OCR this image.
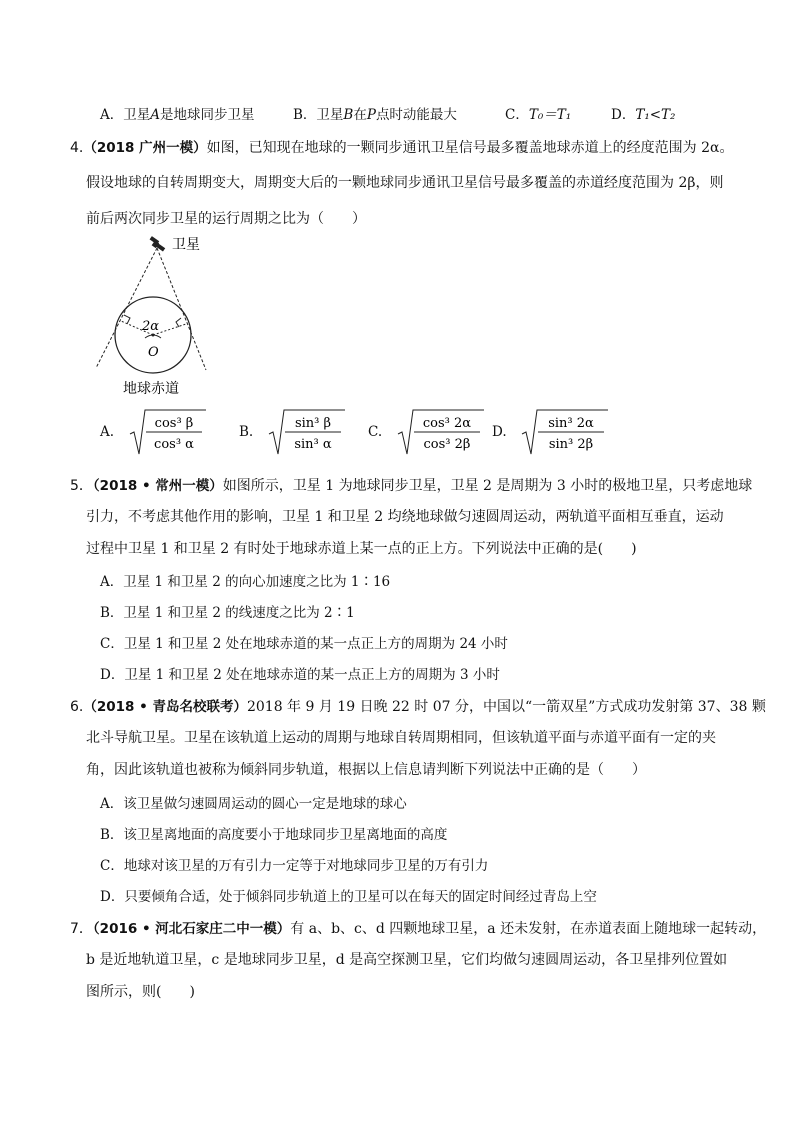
A．卫星A是地球同步卫星	B．卫星B在P点时动能最大	C．T₀＝T₁	D．T₁<T₂
4.（2018 广州一模）如图，已知现在地球的一颗同步通讯卫星信号最多覆盖地球赤道上的经度范围为 2α。
假设地球的自转周期变大，周期变大后的一颗地球同步通讯卫星信号最多覆盖的赤道经度范围为 2β，则
前后两次同步卫星的运行周期之比为（　　）
卫星
2α
O
地球赤道
A.
cos³ β
cos³ α
B.
sin³ β
sin³ α
C.
cos³ 2α
cos³ 2β
D.
sin³ 2α
sin³ 2β
5．（2018 • 常州一模）如图所示，卫星 1 为地球同步卫星，卫星 2 是周期为 3 小时的极地卫星，只考虑地球
引力，不考虑其他作用的影响，卫星 1 和卫星 2 均绕地球做匀速圆周运动，两轨道平面相互垂直，运动
过程中卫星 1 和卫星 2 有时处于地球赤道上某一点的正上方。下列说法中正确的是(　　)
A．卫星 1 和卫星 2 的向心加速度之比为 1∶16
B．卫星 1 和卫星 2 的线速度之比为 2∶1
C．卫星 1 和卫星 2 处在地球赤道的某一点正上方的周期为 24 小时
D．卫星 1 和卫星 2 处在地球赤道的某一点正上方的周期为 3 小时
6.（2018 • 青岛名校联考）2018 年 9 月 19 日晚 22 时 07 分，中国以“一箭双星”方式成功发射第 37、38 颗
北斗导航卫星。卫星在该轨道上运动的周期与地球自转周期相同，但该轨道平面与赤道平面有一定的夹
角，因此该轨道也被称为倾斜同步轨道，根据以上信息请判断下列说法中正确的是（　　）
A．该卫星做匀速圆周运动的圆心一定是地球的球心
B．该卫星离地面的高度要小于地球同步卫星离地面的高度
C．地球对该卫星的万有引力一定等于对地球同步卫星的万有引力
D．只要倾角合适，处于倾斜同步轨道上的卫星可以在每天的固定时间经过青岛上空
7．（2016 • 河北石家庄二中一模）有 a、b、c、d 四颗地球卫星，a 还未发射，在赤道表面上随地球一起转动，
b 是近地轨道卫星，c 是地球同步卫星，d 是高空探测卫星，它们均做匀速圆周运动，各卫星排列位置如
图所示，则(　　)
